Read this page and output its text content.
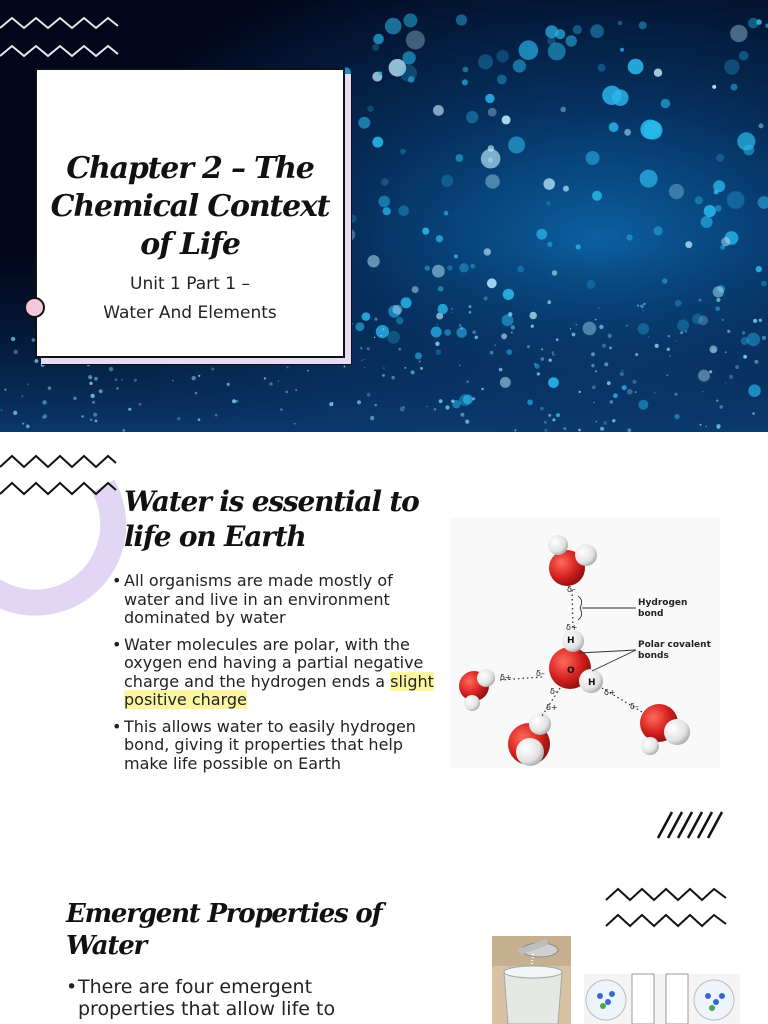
Chapter 2 – The Chemical Context of Life
Unit 1 Part 1 –
Water And Elements
Water is essential to life on Earth
• All organisms are made mostly of water and live in an environment dominated by water
• Water molecules are polar, with the oxygen end having a partial negative charge and the hydrogen ends a slight positive charge
• This allows water to easily hydrogen bond, giving it properties that help make life possible on Earth
δ–
δ+
δ+	δ–
δ–
δ+
δ+
δ–
H
O
H
Hydrogen bond
Polar covalent bonds
Emergent Properties of Water
• There are four emergent properties that allow life to
